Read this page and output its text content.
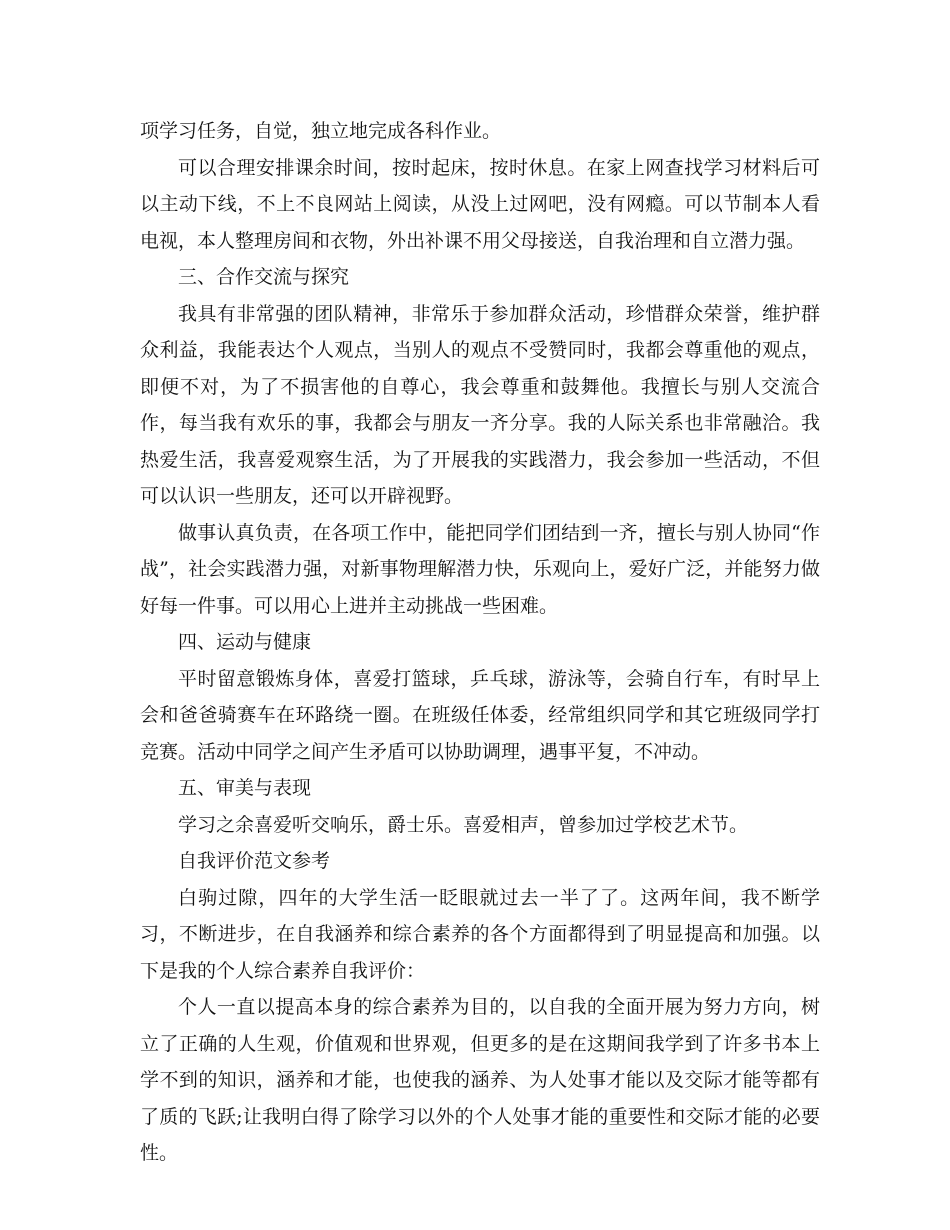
项学习任务，自觉，独立地完成各科作业。

可以合理安排课余时间，按时起床，按时休息。在家上网查找学习材料后可以主动下线，不上不良网站上阅读，从没上过网吧，没有网瘾。可以节制本人看电视，本人整理房间和衣物，外出补课不用父母接送，自我治理和自立潜力强。

三、合作交流与探究

我具有非常强的团队精神，非常乐于参加群众活动，珍惜群众荣誉，维护群众利益，我能表达个人观点，当别人的观点不受赞同时，我都会尊重他的观点，即便不对，为了不损害他的自尊心，我会尊重和鼓舞他。我擅长与别人交流合作，每当我有欢乐的事，我都会与朋友一齐分享。我的人际关系也非常融洽。我热爱生活，我喜爱观察生活，为了开展我的实践潜力，我会参加一些活动，不但可以认识一些朋友，还可以开辟视野。

做事认真负责，在各项工作中，能把同学们团结到一齐，擅长与别人协同“作战”，社会实践潜力强，对新事物理解潜力快，乐观向上，爱好广泛，并能努力做好每一件事。可以用心上进并主动挑战一些困难。

四、运动与健康

平时留意锻炼身体，喜爱打篮球，乒乓球，游泳等，会骑自行车，有时早上会和爸爸骑赛车在环路绕一圈。在班级任体委，经常组织同学和其它班级同学打竞赛。活动中同学之间产生矛盾可以协助调理，遇事平复，不冲动。

五、审美与表现

学习之余喜爱听交响乐，爵士乐。喜爱相声，曾参加过学校艺术节。

自我评价范文参考

白驹过隙，四年的大学生活一眨眼就过去一半了了。这两年间，我不断学习，不断进步，在自我涵养和综合素养的各个方面都得到了明显提高和加强。以下是我的个人综合素养自我评价：

个人一直以提高本身的综合素养为目的，以自我的全面开展为努力方向，树立了正确的人生观，价值观和世界观，但更多的是在这期间我学到了许多书本上学不到的知识，涵养和才能，也使我的涵养、为人处事才能以及交际才能等都有了质的飞跃;让我明白得了除学习以外的个人处事才能的重要性和交际才能的必要性。
